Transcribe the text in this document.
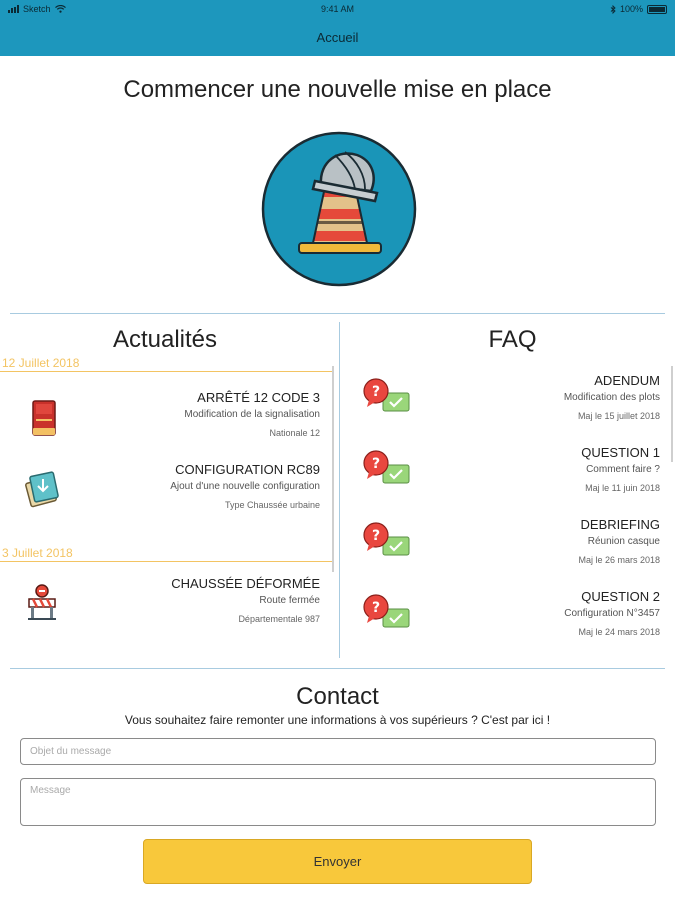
Sketch	9:41 AM	100%
Accueil
Commencer une nouvelle mise en place
Actualités
12 Juillet 2018
ARRÊTÉ 12 CODE 3
Modification de la signalisation
Nationale 12
CONFIGURATION RC89
Ajout d'une nouvelle configuration
Type Chaussée urbaine
3 Juillet 2018
CHAUSSÉE DÉFORMÉE
Route fermée
Départementale 987
FAQ
?
ADENDUM
Modification des plots
Maj le 15 juillet 2018
?
QUESTION 1
Comment faire ?
Maj le 11 juin 2018
?
DEBRIEFING
Réunion casque
Maj le 26 mars 2018
?
QUESTION 2
Configuration N°3457
Maj le 24 mars 2018
Contact
Vous souhaitez faire remonter une informations à vos supérieurs ? C'est par ici !
Objet du message
Message
Envoyer
